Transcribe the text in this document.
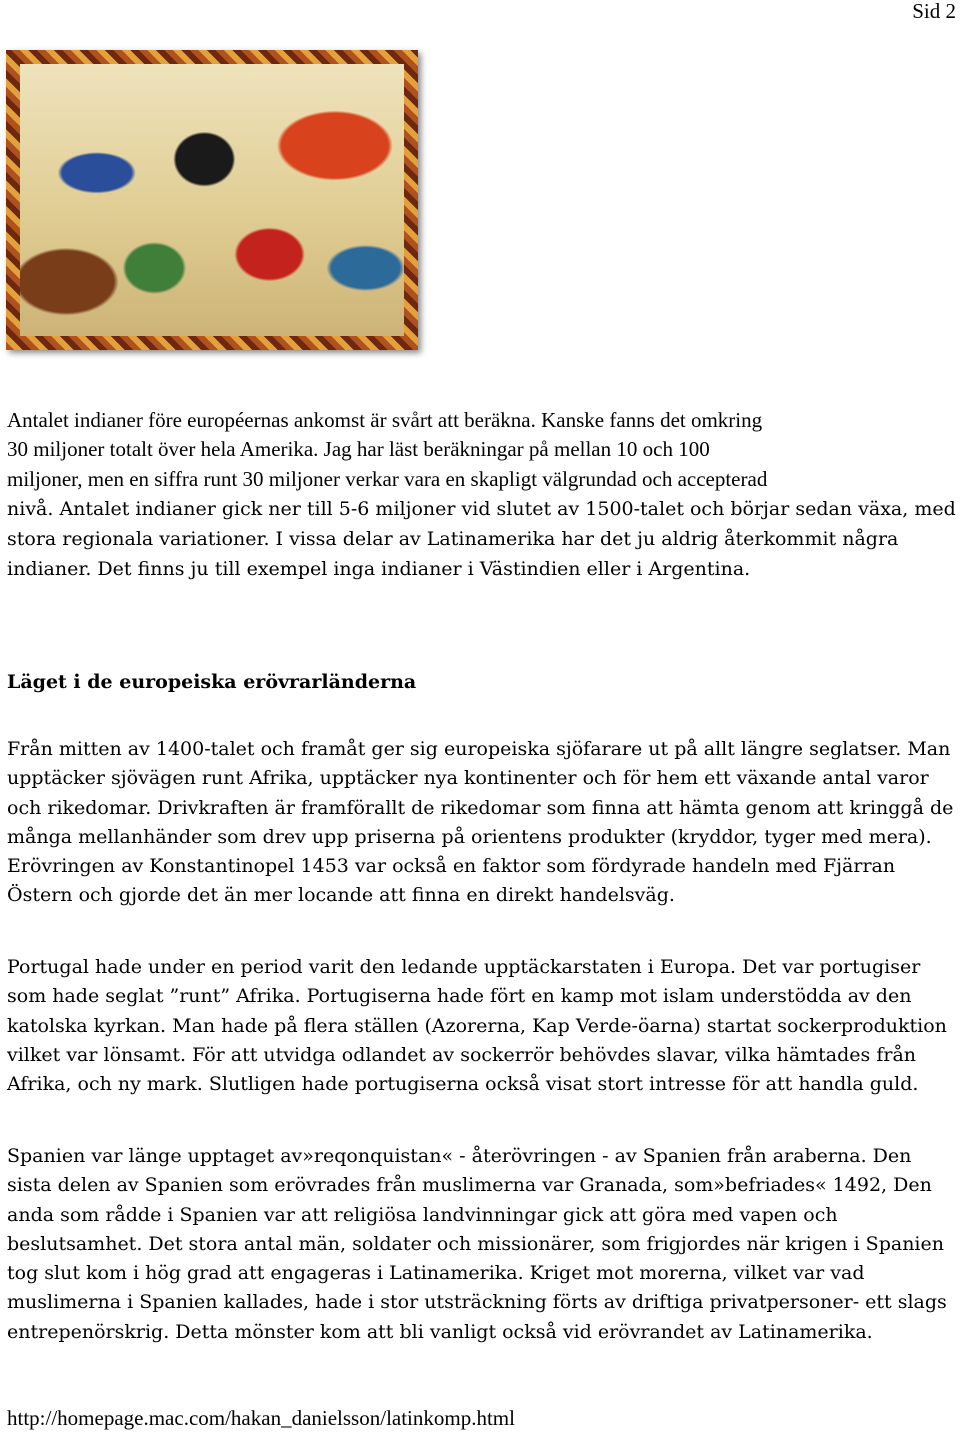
Sid 2
Antalet indianer före européernas ankomst är svårt att beräkna. Kanske fanns det omkring
30 miljoner totalt över hela Amerika. Jag har läst beräkningar på mellan 10 och 100
miljoner, men en siffra runt 30 miljoner verkar vara en skapligt välgrundad och accepterad
nivå. Antalet indianer gick ner till 5-6 miljoner vid slutet av 1500-talet och börjar sedan växa, med stora regionala variationer. I vissa delar av Latinamerika har det ju aldrig återkommit några indianer. Det finns ju till exempel inga indianer i Västindien eller i Argentina.
Läget i de europeiska erövrarländerna

Från mitten av 1400-talet och framåt ger sig europeiska sjöfarare ut på allt längre seglatser. Man upptäcker sjövägen runt Afrika, upptäcker nya kontinenter och för hem ett växande antal varor och rikedomar. Drivkraften är framförallt de rikedomar som finna att hämta genom att kringgå de många mellanhänder som drev upp priserna på orientens produkter (kryddor, tyger med mera). Erövringen av Konstantinopel 1453 var också en faktor som fördyrade handeln med Fjärran Östern och gjorde det än mer locande att finna en direkt handelsväg.

Portugal hade under en period varit den ledande upptäckarstaten i Europa. Det var portugiser som hade seglat ”runt” Afrika. Portugiserna hade fört en kamp mot islam understödda av den katolska kyrkan. Man hade på flera ställen (Azorerna, Kap Verde-öarna) startat sockerproduktion vilket var lönsamt. För att utvidga odlandet av sockerrör behövdes slavar, vilka hämtades från Afrika, och ny mark. Slutligen hade portugiserna också visat stort intresse för att handla guld.

Spanien var länge upptaget av»reqonquistan« - återövringen - av Spanien från araberna. Den sista delen av Spanien som erövrades från muslimerna var Granada, som»befriades« 1492, Den anda som rådde i Spanien var att religiösa landvinningar gick att göra med vapen och beslutsamhet. Det stora antal män, soldater och missionärer, som frigjordes när krigen i Spanien tog slut kom i hög grad att engageras i Latinamerika. Kriget mot morerna, vilket var vad muslimerna i Spanien kallades, hade i stor utsträckning förts av driftiga privatpersoner- ett slags entrepenörskrig. Detta mönster kom att bli vanligt också vid erövrandet av Latinamerika.

http://homepage.mac.com/hakan_danielsson/latinkomp.html
